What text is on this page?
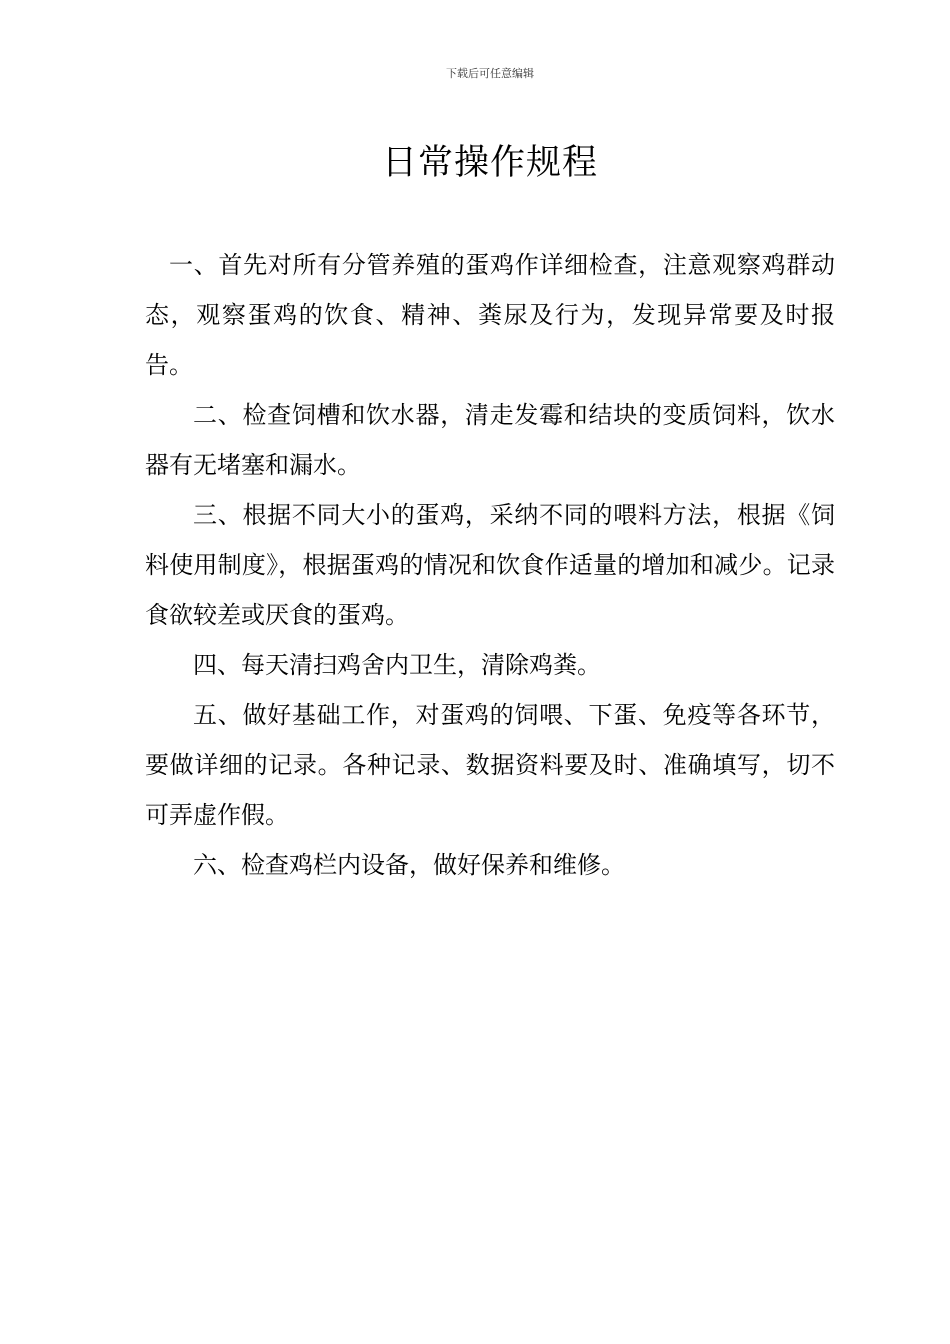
下载后可任意编辑
日常操作规程

一、首先对所有分管养殖的蛋鸡作详细检查，注意观察鸡群动态，观察蛋鸡的饮食、精神、粪尿及行为，发现异常要及时报告。

二、检查饲槽和饮水器，清走发霉和结块的变质饲料，饮水器有无堵塞和漏水。

三、根据不同大小的蛋鸡，采纳不同的喂料方法，根据《饲料使用制度》，根据蛋鸡的情况和饮食作适量的增加和减少。记录食欲较差或厌食的蛋鸡。

四、每天清扫鸡舍内卫生，清除鸡粪。

五、做好基础工作，对蛋鸡的饲喂、下蛋、免疫等各环节，要做详细的记录。各种记录、数据资料要及时、准确填写，切不可弄虚作假。

六、检查鸡栏内设备，做好保养和维修。
